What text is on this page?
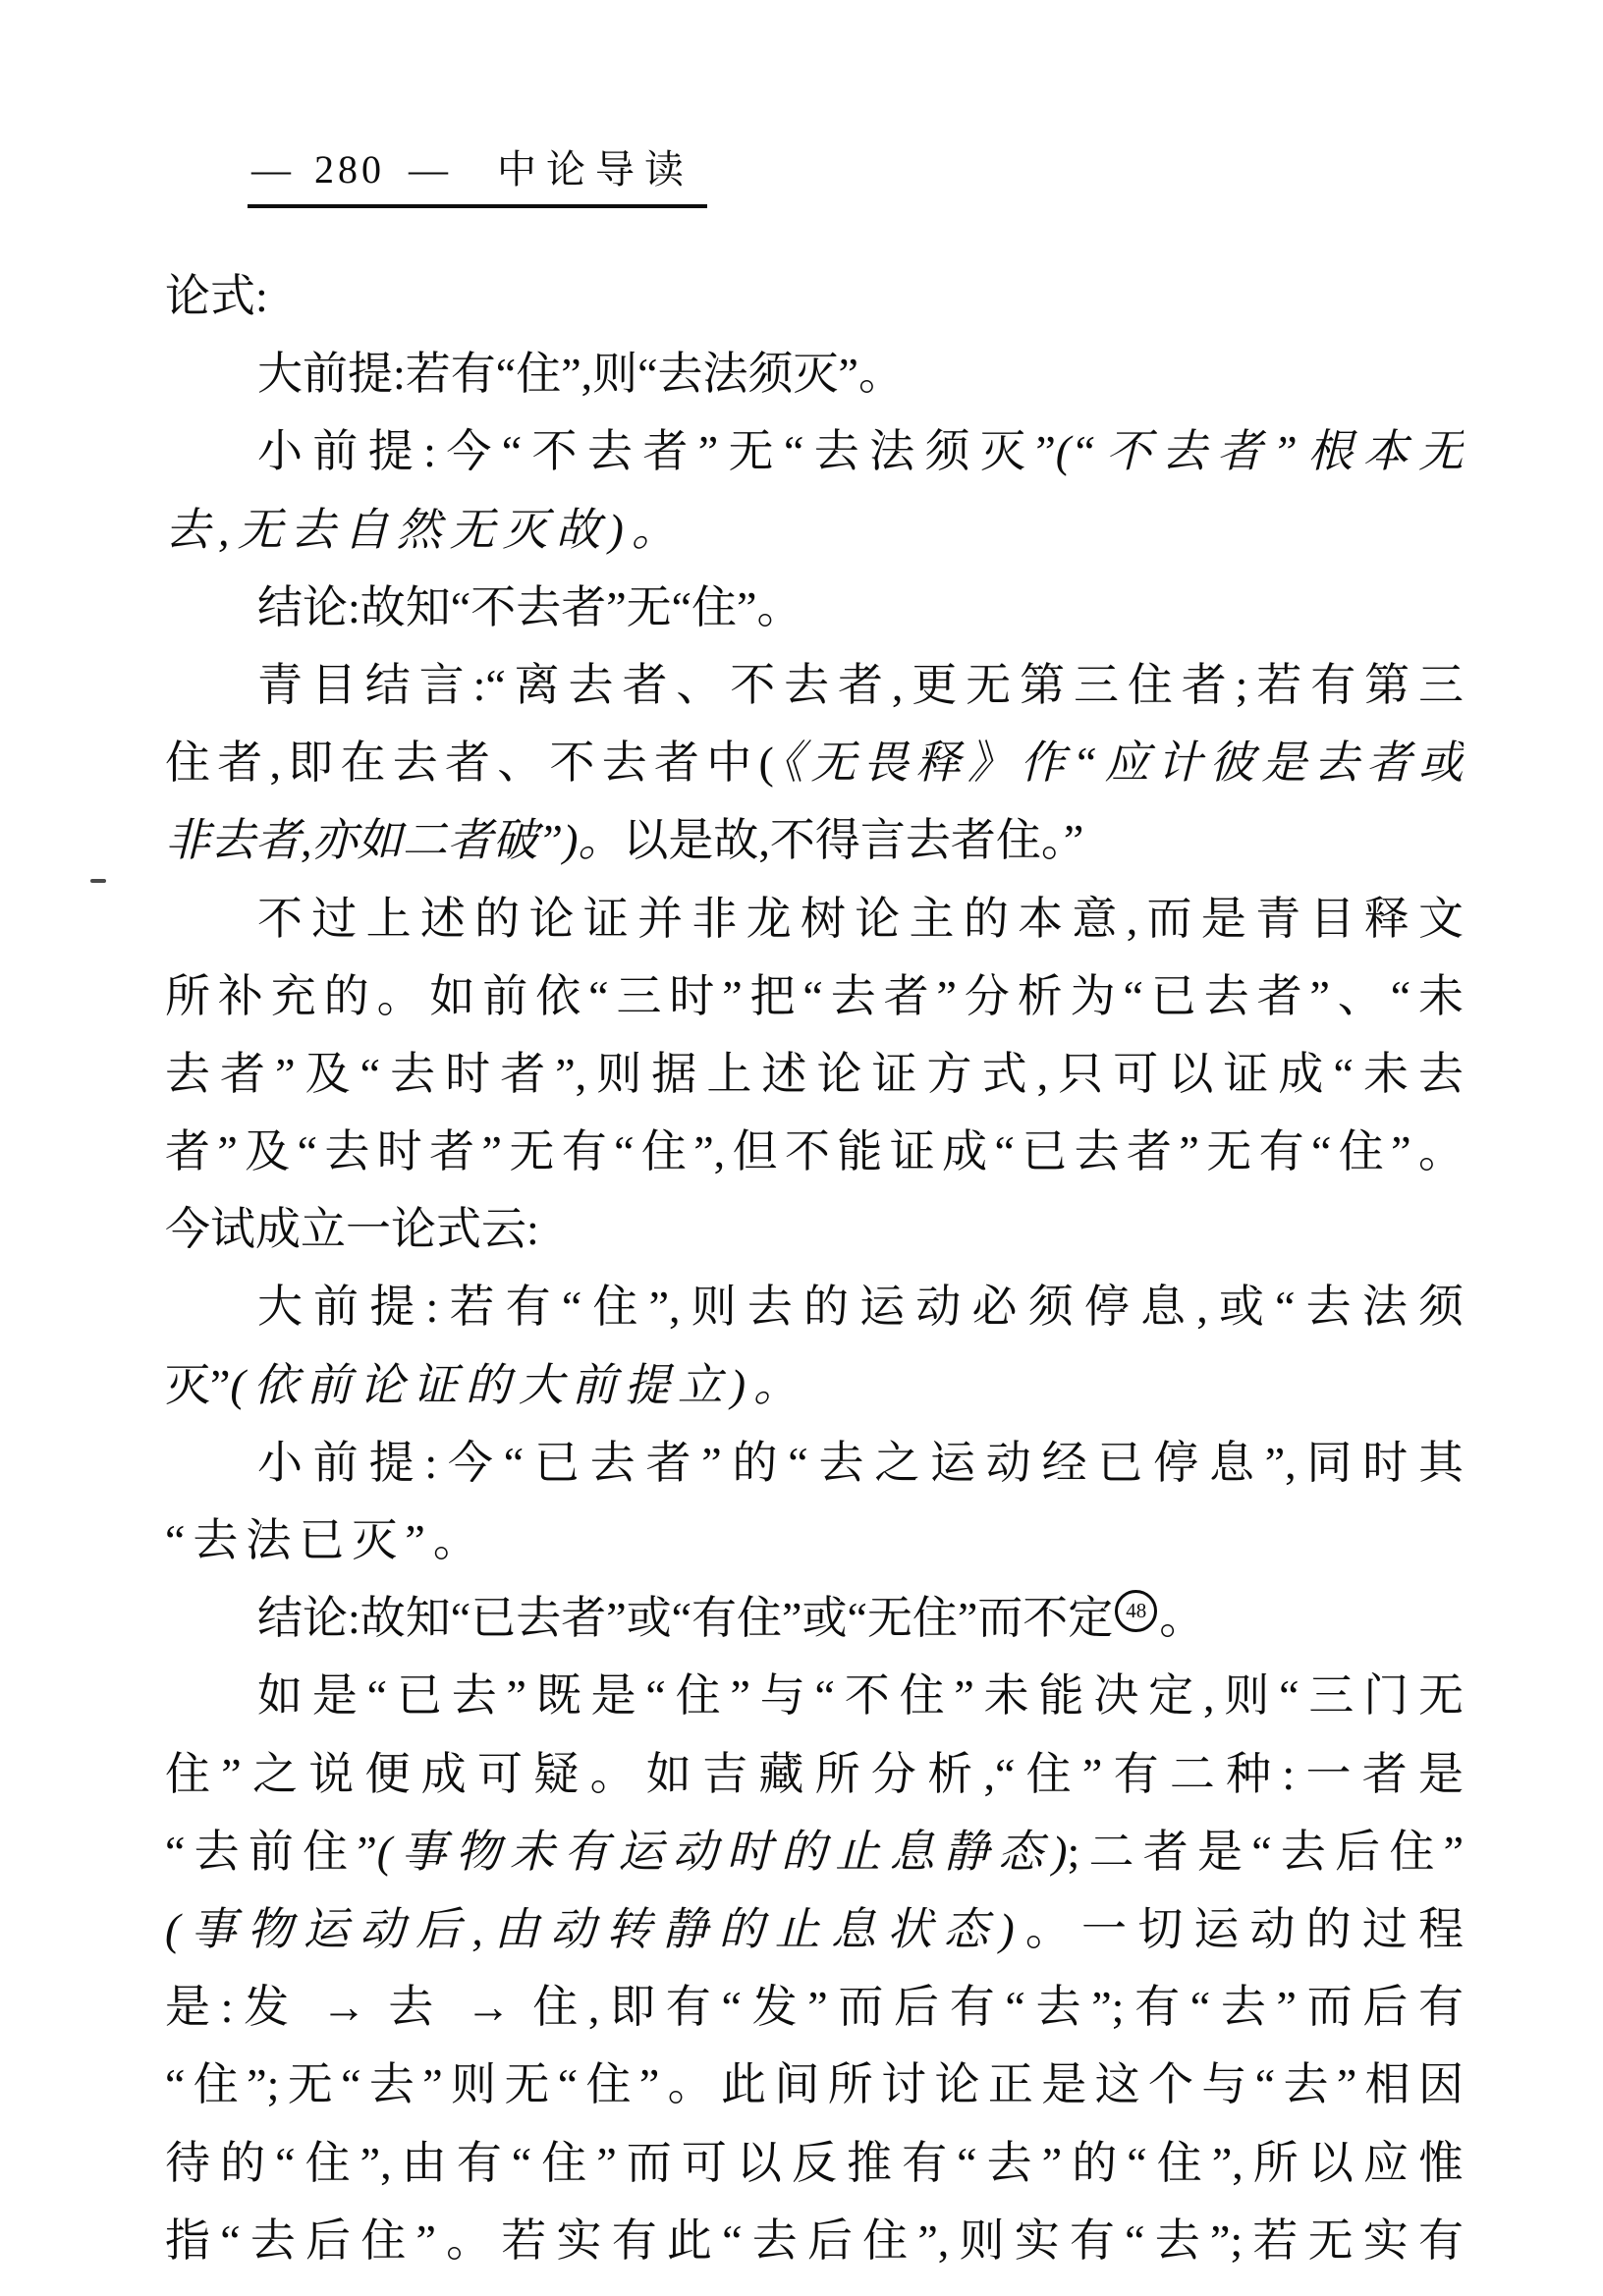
— 280 — 中论导读
论式:
大前提:若有“住”,则“去法须灭”。
小前提:今“不去者”无“去法须灭”(“不去者”根本无
去,无去自然无灭故)。
结论:故知“不去者”无“住”。
青目结言:“离去者、不去者,更无第三住者;若有第三
住者,即在去者、不去者中(《无畏释》作“应计彼是去者或
非去者,亦如二者破”)。以是故,不得言去者住。”
不过上述的论证并非龙树论主的本意,而是青目释文
所补充的。如前依“三时”把“去者”分析为“已去者”、“未
去者”及“去时者”,则据上述论证方式,只可以证成“未去
者”及“去时者”无有“住”,但不能证成“已去者”无有“住”。
今试成立一论式云:
大前提:若有“住”,则去的运动必须停息,或“去法须
灭”(依前论证的大前提立)。
小前提:今“已去者”的“去之运动经已停息”,同时其
“去法已灭”。
结论:故知“已去者”或“有住”或“无住”而不定 48 。
如是“已去”既是“住”与“不住”未能决定,则“三门无
住”之说便成可疑。如吉藏所分析,“住”有二种:一者是
“去前住”(事物未有运动时的止息静态);二者是“去后住”
(事物运动后,由动转静的止息状态)。一切运动的过程
是:发 → 去 → 住,即有“发”而后有“去”;有“去”而后有
“住”;无“去”则无“住”。此间所讨论正是这个与“去”相因
待的“住”,由有“住”而可以反推有“去”的“住”,所以应惟
指“去后住”。若实有此“去后住”,则实有“去”;若无实有
